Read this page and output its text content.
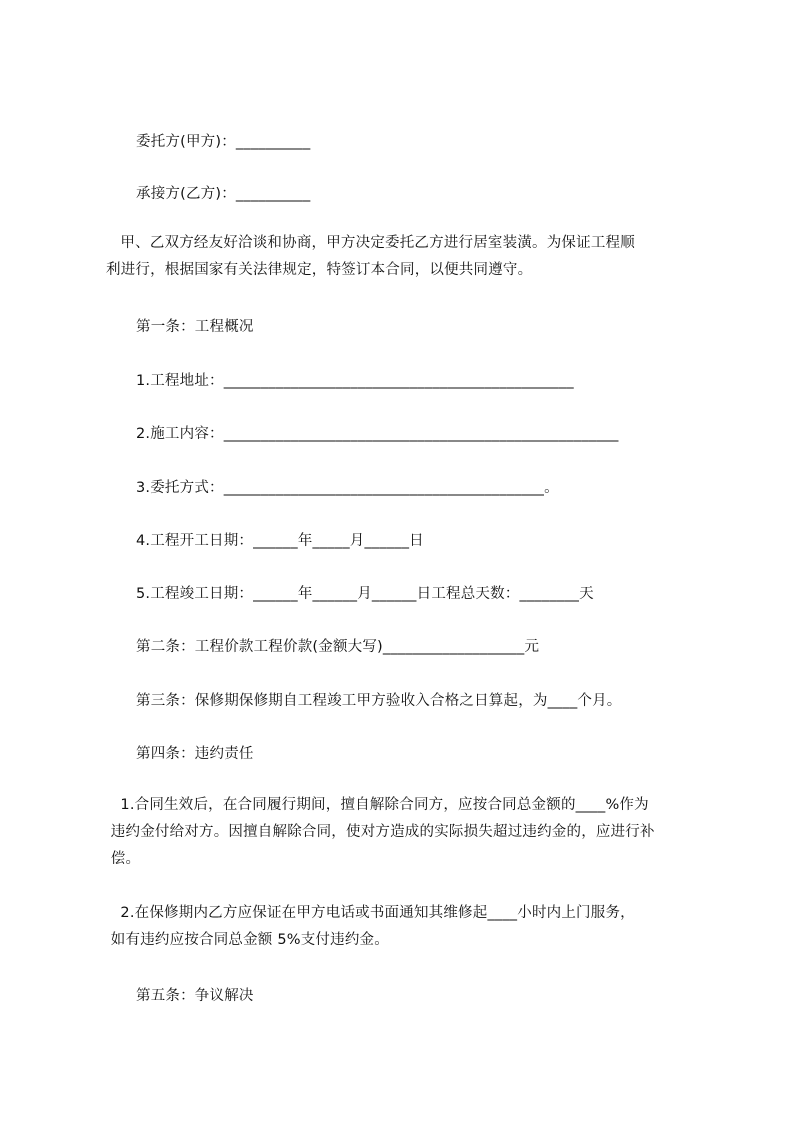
委托方(甲方)：__________
承接方(乙方)：__________
甲、乙双方经友好洽谈和协商，甲方决定委托乙方进行居室装潢。为保证工程顺
利进行，根据国家有关法律规定，特签订本合同，以便共同遵守。
第一条：工程概况
1.工程地址：_______________________________________________
2.施工内容：_____________________________________________________
3.委托方式：___________________________________________。
4.工程开工日期：______年_____月______日
5.工程竣工日期：______年______月______日工程总天数：________天
第二条：工程价款工程价款(金额大写)___________________元
第三条：保修期保修期自工程竣工甲方验收入合格之日算起，为____个月。
第四条：违约责任
1.合同生效后，在合同履行期间，擅自解除合同方，应按合同总金额的____%作为
违约金付给对方。因擅自解除合同，使对方造成的实际损失超过违约金的，应进行补
偿。
2.在保修期内乙方应保证在甲方电话或书面通知其维修起____小时内上门服务，
如有违约应按合同总金额 5%支付违约金。
第五条：争议解决
